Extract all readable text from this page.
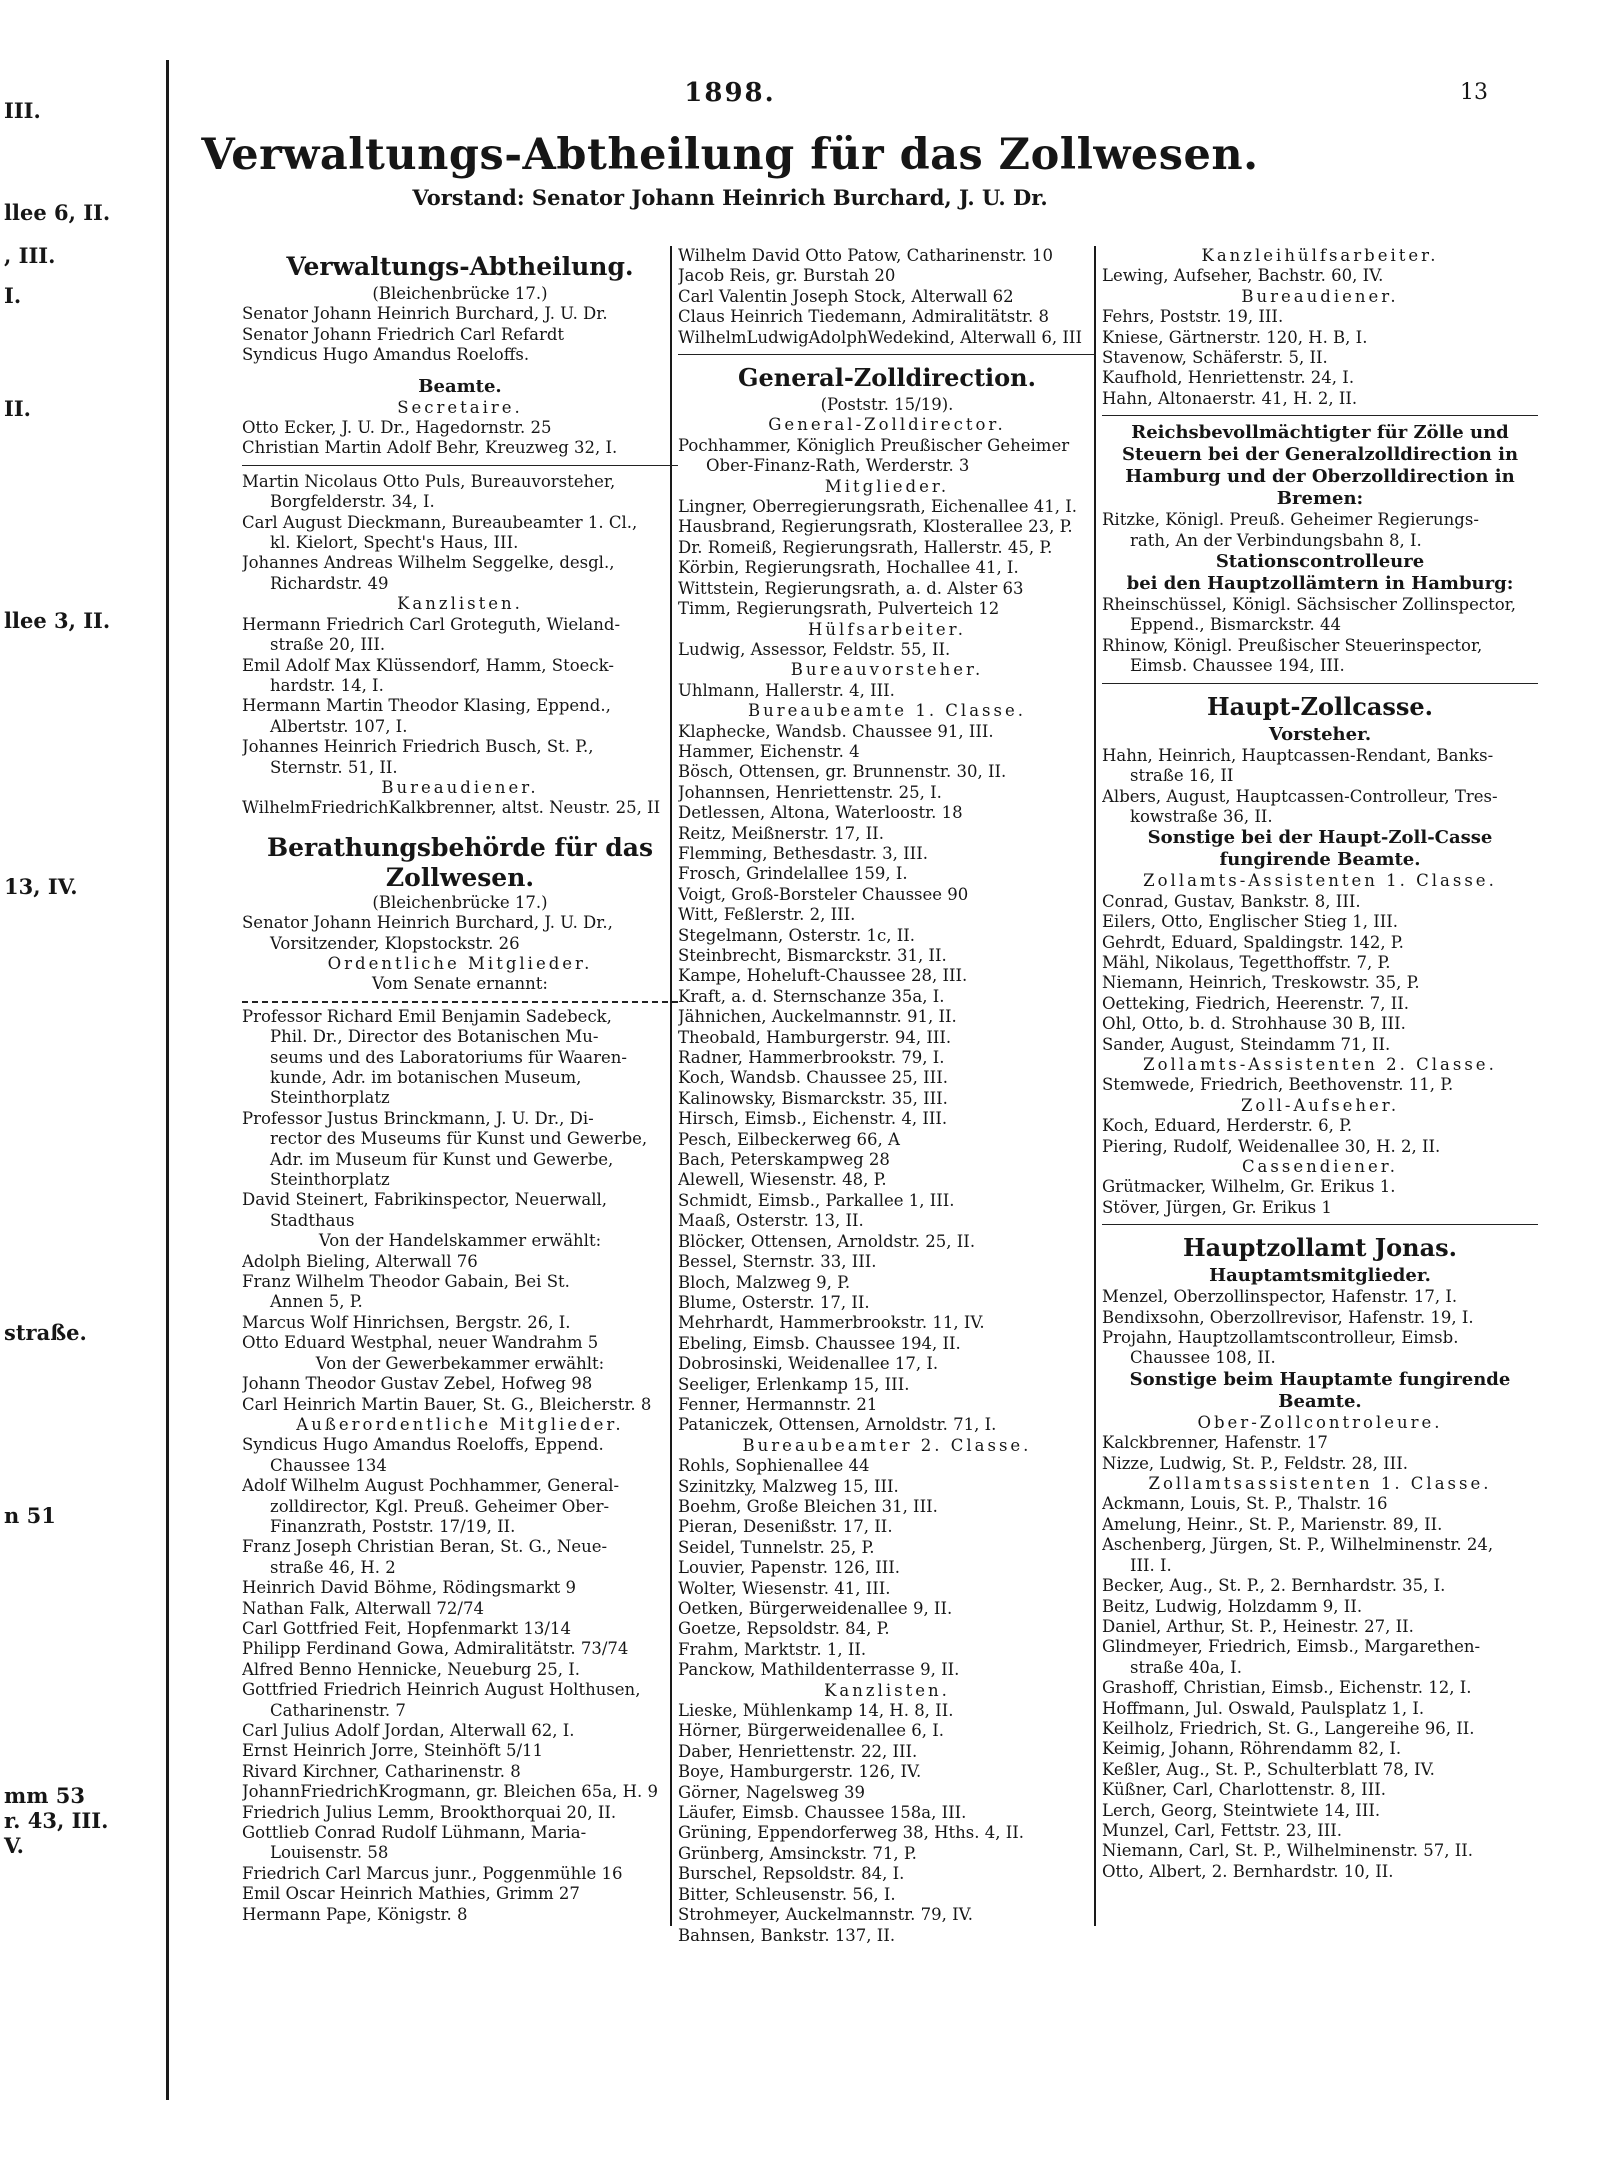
III.
llee 6, II.
, III.
I.
II.
llee 3, II.
13, IV.
straße.
n 51
mm 53
r. 43, III.
V.
1898.	13
Verwaltungs-Abtheilung für das Zollwesen.
Vorstand: Senator Johann Heinrich Burchard, J. U. Dr.
Verwaltungs-Abtheilung.
(Bleichenbrücke 17.)
Senator Johann Heinrich Burchard, J. U. Dr.
Senator Johann Friedrich Carl Refardt
Syndicus Hugo Amandus Roeloffs.
Beamte.
Secretaire.
Otto Ecker, J. U. Dr., Hagedornstr. 25
Christian Martin Adolf Behr, Kreuzweg 32, I.
Martin Nicolaus Otto Puls, Bureauvorsteher,
Borgfelderstr. 34, I.
Carl August Dieckmann, Bureaubeamter 1. Cl.,
kl. Kielort, Specht's Haus, III.
Johannes Andreas Wilhelm Seggelke, desgl.,
Richardstr. 49
Kanzlisten.
Hermann Friedrich Carl Groteguth, Wieland-
straße 20, III.
Emil Adolf Max Klüssendorf, Hamm, Stoeck-
hardstr. 14, I.
Hermann Martin Theodor Klasing, Eppend.,
Albertstr. 107, I.
Johannes Heinrich Friedrich Busch, St. P.,
Sternstr. 51, II.
Bureaudiener.
WilhelmFriedrichKalkbrenner, altst. Neustr. 25, II
Berathungsbehörde für das
Zollwesen.
(Bleichenbrücke 17.)
Senator Johann Heinrich Burchard, J. U. Dr.,
Vorsitzender, Klopstockstr. 26
Ordentliche Mitglieder.
Vom Senate ernannt:
Professor Richard Emil Benjamin Sadebeck,
Phil. Dr., Director des Botanischen Mu-
seums und des Laboratoriums für Waaren-
kunde, Adr. im botanischen Museum,
Steinthorplatz
Professor Justus Brinckmann, J. U. Dr., Di-
rector des Museums für Kunst und Gewerbe,
Adr. im Museum für Kunst und Gewerbe,
Steinthorplatz
David Steinert, Fabrikinspector, Neuerwall,
Stadthaus
Von der Handelskammer erwählt:
Adolph Bieling, Alterwall 76
Franz Wilhelm Theodor Gabain, Bei St.
Annen 5, P.
Marcus Wolf Hinrichsen, Bergstr. 26, I.
Otto Eduard Westphal, neuer Wandrahm 5
Von der Gewerbekammer erwählt:
Johann Theodor Gustav Zebel, Hofweg 98
Carl Heinrich Martin Bauer, St. G., Bleicherstr. 8
Außerordentliche Mitglieder.
Syndicus Hugo Amandus Roeloffs, Eppend.
Chaussee 134
Adolf Wilhelm August Pochhammer, General-
zolldirector, Kgl. Preuß. Geheimer Ober-
Finanzrath, Poststr. 17/19, II.
Franz Joseph Christian Beran, St. G., Neue-
straße 46, H. 2
Heinrich David Böhme, Rödingsmarkt 9
Nathan Falk, Alterwall 72/74
Carl Gottfried Feit, Hopfenmarkt 13/14
Philipp Ferdinand Gowa, Admiralitätstr. 73/74
Alfred Benno Hennicke, Neueburg 25, I.
Gottfried Friedrich Heinrich August Holthusen,
Catharinenstr. 7
Carl Julius Adolf Jordan, Alterwall 62, I.
Ernst Heinrich Jorre, Steinhöft 5/11
Rivard Kirchner, Catharinenstr. 8
JohannFriedrichKrogmann, gr. Bleichen 65a, H. 9
Friedrich Julius Lemm, Brookthorquai 20, II.
Gottlieb Conrad Rudolf Lühmann, Maria-
Louisenstr. 58
Friedrich Carl Marcus junr., Poggenmühle 16
Emil Oscar Heinrich Mathies, Grimm 27
Hermann Pape, Königstr. 8
Wilhelm David Otto Patow, Catharinenstr. 10
Jacob Reis, gr. Burstah 20
Carl Valentin Joseph Stock, Alterwall 62
Claus Heinrich Tiedemann, Admiralitätstr. 8
WilhelmLudwigAdolphWedekind, Alterwall 6, III
General-Zolldirection.
(Poststr. 15/19).
General-Zolldirector.
Pochhammer, Königlich Preußischer Geheimer
Ober-Finanz-Rath, Werderstr. 3
Mitglieder.
Lingner, Oberregierungsrath, Eichenallee 41, I.
Hausbrand, Regierungsrath, Klosterallee 23, P.
Dr. Romeiß, Regierungsrath, Hallerstr. 45, P.
Körbin, Regierungsrath, Hochallee 41, I.
Wittstein, Regierungsrath, a. d. Alster 63
Timm, Regierungsrath, Pulverteich 12
Hülfsarbeiter.
Ludwig, Assessor, Feldstr. 55, II.
Bureauvorsteher.
Uhlmann, Hallerstr. 4, III.
Bureaubeamte 1. Classe.
Klaphecke, Wandsb. Chaussee 91, III.
Hammer, Eichenstr. 4
Bösch, Ottensen, gr. Brunnenstr. 30, II.
Johannsen, Henriettenstr. 25, I.
Detlessen, Altona, Waterloostr. 18
Reitz, Meißnerstr. 17, II.
Flemming, Bethesdastr. 3, III.
Frosch, Grindelallee 159, I.
Voigt, Groß-Borsteler Chaussee 90
Witt, Feßlerstr. 2, III.
Stegelmann, Osterstr. 1c, II.
Steinbrecht, Bismarckstr. 31, II.
Kampe, Hoheluft-Chaussee 28, III.
Kraft, a. d. Sternschanze 35a, I.
Jähnichen, Auckelmannstr. 91, II.
Theobald, Hamburgerstr. 94, III.
Radner, Hammerbrookstr. 79, I.
Koch, Wandsb. Chaussee 25, III.
Kalinowsky, Bismarckstr. 35, III.
Hirsch, Eimsb., Eichenstr. 4, III.
Pesch, Eilbeckerweg 66, A
Bach, Peterskampweg 28
Alewell, Wiesenstr. 48, P.
Schmidt, Eimsb., Parkallee 1, III.
Maaß, Osterstr. 13, II.
Blöcker, Ottensen, Arnoldstr. 25, II.
Bessel, Sternstr. 33, III.
Bloch, Malzweg 9, P.
Blume, Osterstr. 17, II.
Mehrhardt, Hammerbrookstr. 11, IV.
Ebeling, Eimsb. Chaussee 194, II.
Dobrosinski, Weidenallee 17, I.
Seeliger, Erlenkamp 15, III.
Fenner, Hermannstr. 21
Pataniczek, Ottensen, Arnoldstr. 71, I.
Bureaubeamter 2. Classe.
Rohls, Sophienallee 44
Szinitzky, Malzweg 15, III.
Boehm, Große Bleichen 31, III.
Pieran, Desenißstr. 17, II.
Seidel, Tunnelstr. 25, P.
Louvier, Papenstr. 126, III.
Wolter, Wiesenstr. 41, III.
Oetken, Bürgerweidenallee 9, II.
Goetze, Repsoldstr. 84, P.
Frahm, Marktstr. 1, II.
Panckow, Mathildenterrasse 9, II.
Kanzlisten.
Lieske, Mühlenkamp 14, H. 8, II.
Hörner, Bürgerweidenallee 6, I.
Daber, Henriettenstr. 22, III.
Boye, Hamburgerstr. 126, IV.
Görner, Nagelsweg 39
Läufer, Eimsb. Chaussee 158a, III.
Grüning, Eppendorferweg 38, Hths. 4, II.
Grünberg, Amsinckstr. 71, P.
Burschel, Repsoldstr. 84, I.
Bitter, Schleusenstr. 56, I.
Strohmeyer, Auckelmannstr. 79, IV.
Bahnsen, Bankstr. 137, II.
Kanzleihülfsarbeiter.
Lewing, Aufseher, Bachstr. 60, IV.
Bureaudiener.
Fehrs, Poststr. 19, III.
Kniese, Gärtnerstr. 120, H. B, I.
Stavenow, Schäferstr. 5, II.
Kaufhold, Henriettenstr. 24, I.
Hahn, Altonaerstr. 41, H. 2, II.
Reichsbevollmächtigter für Zölle und
Steuern bei der Generalzolldirection in
Hamburg und der Oberzolldirection in
Bremen:
Ritzke, Königl. Preuß. Geheimer Regierungs-
rath, An der Verbindungsbahn 8, I.
Stationscontrolleure
bei den Hauptzollämtern in Hamburg:
Rheinschüssel, Königl. Sächsischer Zollinspector,
Eppend., Bismarckstr. 44
Rhinow, Königl. Preußischer Steuerinspector,
Eimsb. Chaussee 194, III.
Haupt-Zollcasse.
Vorsteher.
Hahn, Heinrich, Hauptcassen-Rendant, Banks-
straße 16, II
Albers, August, Hauptcassen-Controlleur, Tres-
kowstraße 36, II.
Sonstige bei der Haupt-Zoll-Casse
fungirende Beamte.
Zollamts-Assistenten 1. Classe.
Conrad, Gustav, Bankstr. 8, III.
Eilers, Otto, Englischer Stieg 1, III.
Gehrdt, Eduard, Spaldingstr. 142, P.
Mähl, Nikolaus, Tegetthoffstr. 7, P.
Niemann, Heinrich, Treskowstr. 35, P.
Oetteking, Fiedrich, Heerenstr. 7, II.
Ohl, Otto, b. d. Strohhause 30 B, III.
Sander, August, Steindamm 71, II.
Zollamts-Assistenten 2. Classe.
Stemwede, Friedrich, Beethovenstr. 11, P.
Zoll-Aufseher.
Koch, Eduard, Herderstr. 6, P.
Piering, Rudolf, Weidenallee 30, H. 2, II.
Cassendiener.
Grütmacker, Wilhelm, Gr. Erikus 1.
Stöver, Jürgen, Gr. Erikus 1
Hauptzollamt Jonas.
Hauptamtsmitglieder.
Menzel, Oberzollinspector, Hafenstr. 17, I.
Bendixsohn, Oberzollrevisor, Hafenstr. 19, I.
Projahn, Hauptzollamtscontrolleur, Eimsb.
Chaussee 108, II.
Sonstige beim Hauptamte fungirende
Beamte.
Ober-Zollcontroleure.
Kalckbrenner, Hafenstr. 17
Nizze, Ludwig, St. P., Feldstr. 28, III.
Zollamtsassistenten 1. Classe.
Ackmann, Louis, St. P., Thalstr. 16
Amelung, Heinr., St. P., Marienstr. 89, II.
Aschenberg, Jürgen, St. P., Wilhelminenstr. 24,
III. I.
Becker, Aug., St. P., 2. Bernhardstr. 35, I.
Beitz, Ludwig, Holzdamm 9, II.
Daniel, Arthur, St. P., Heinestr. 27, II.
Glindmeyer, Friedrich, Eimsb., Margarethen-
straße 40a, I.
Grashoff, Christian, Eimsb., Eichenstr. 12, I.
Hoffmann, Jul. Oswald, Paulsplatz 1, I.
Keilholz, Friedrich, St. G., Langereihe 96, II.
Keimig, Johann, Röhrendamm 82, I.
Keßler, Aug., St. P., Schulterblatt 78, IV.
Küßner, Carl, Charlottenstr. 8, III.
Lerch, Georg, Steintwiete 14, III.
Munzel, Carl, Fettstr. 23, III.
Niemann, Carl, St. P., Wilhelminenstr. 57, II.
Otto, Albert, 2. Bernhardstr. 10, II.
